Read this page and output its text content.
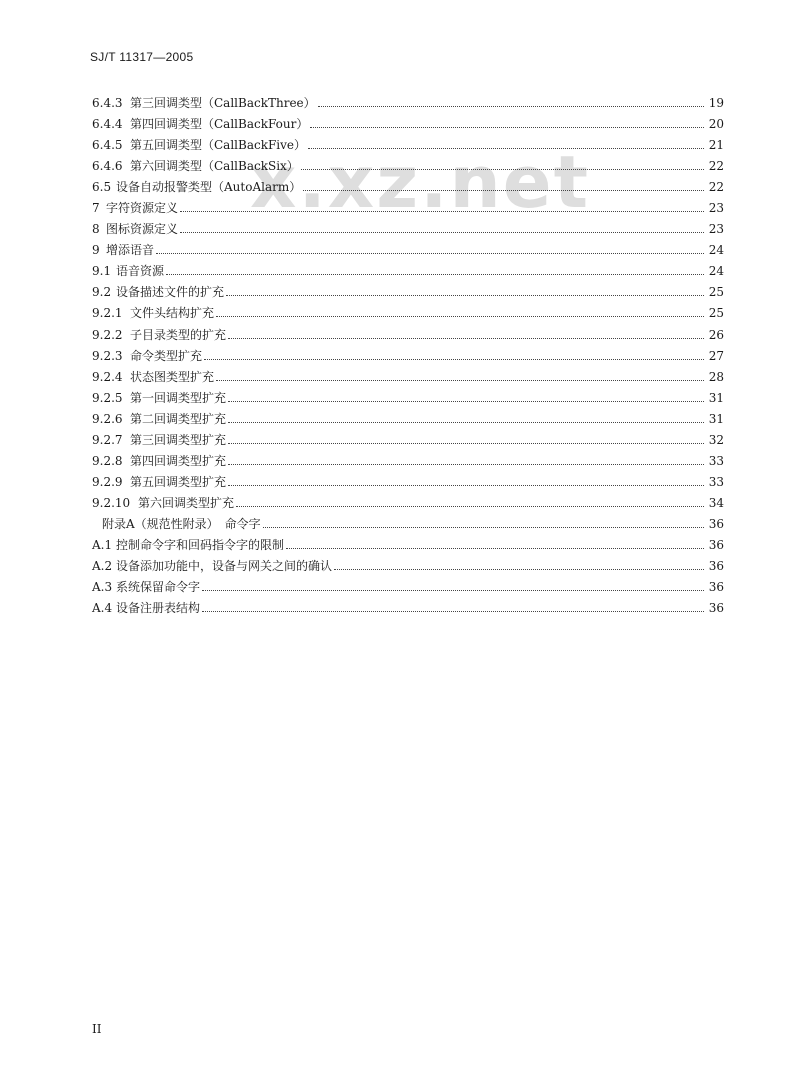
SJ/T 11317—2005
x.xz.net
6.4.3 第三回调类型（CallBackThree）	19
6.4.4 第四回调类型（CallBackFour）	20
6.4.5 第五回调类型（CallBackFive）	21
6.4.6 第六回调类型（CallBackSix）	22
6.5 设备自动报警类型（AutoAlarm）	22
7 字符资源定义	23
8 图标资源定义	23
9 增添语音	24
9.1 语音资源	24
9.2 设备描述文件的扩充	25
9.2.1 文件头结构扩充	25
9.2.2 子目录类型的扩充	26
9.2.3 命令类型扩充	27
9.2.4 状态图类型扩充	28
9.2.5 第一回调类型扩充	31
9.2.6 第二回调类型扩充	31
9.2.7 第三回调类型扩充	32
9.2.8 第四回调类型扩充	33
9.2.9 第五回调类型扩充	33
9.2.10 第六回调类型扩充	34
附录A（规范性附录）　命令字	36
A.1 控制命令字和回码指令字的限制	36
A.2 设备添加功能中，设备与网关之间的确认	36
A.3 系统保留命令字	36
A.4 设备注册表结构	36
II
